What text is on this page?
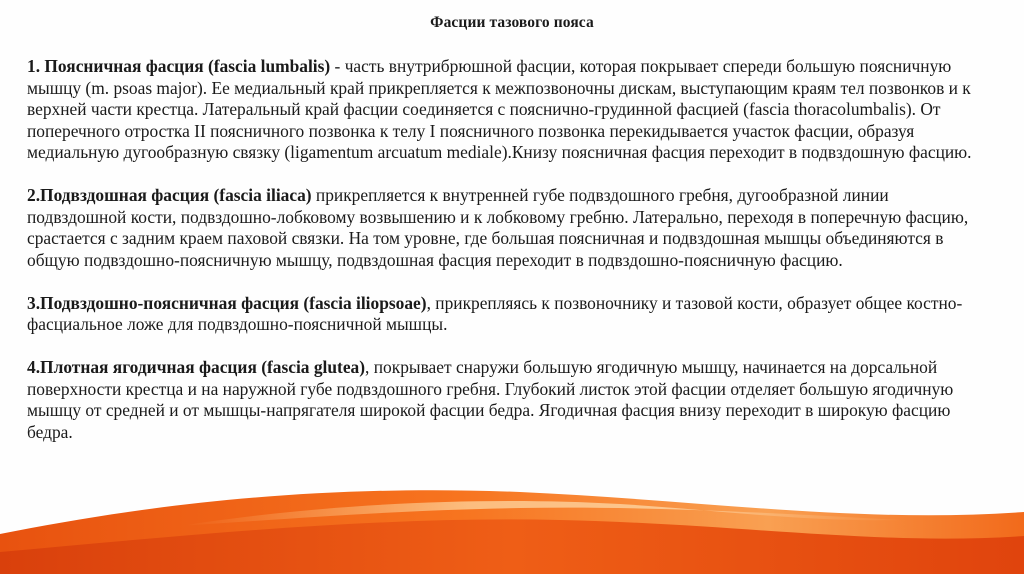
Фасции тазового пояса

1. Поясничная фасция (fascia lumbalis) - часть внутрибрюшной фасции, которая покрывает спереди большую поясничную мышцу (m. psoas major). Ее медиальный край прикрепляется к межпозвоночны дискам, выступающим краям тел позвонков и к верхней части крестца. Латеральный край фасции соединяется с пояснично-грудинной фасцией (fascia thoracolumbalis). От поперечного отростка II поясничного позвонка к телу I поясничного позвонка перекидывается участок фасции, образуя медиальную дугообразную связку (ligamentum arcuatum mediale).Книзу поясничная фасция переходит в подвздошную фасцию.

2.Подвздошная фасция (fascia iliaca) прикрепляется к внутренней губе подвздошного гребня, дугообразной линии подвздошной кости, подвздошно-лобковому возвышению и к лобковому гребню. Латерально, переходя в поперечную фасцию, срастается с задним краем паховой связки. На том уровне, где большая поясничная и подвздошная мышцы объединяются в общую подвздошно-поясничную мышцу, подвздошная фасция переходит в подвздошно-поясничную фасцию.

3.Подвздошно-поясничная фасция (fascia iliopsoae), прикрепляясь к позвоночнику и тазовой кости, образует общее костно-фасциальное ложе для подвздошно-поясничной мышцы.

4.Плотная ягодичная фасция (fascia glutea), покрывает снаружи большую ягодичную мышцу, начинается на дорсальной поверхности крестца и на наружной губе подвздошного гребня. Глубокий листок этой фасции отделяет большую ягодичную мышцу от средней и от мышцы-напрягателя широкой фасции бедра. Ягодичная фасция внизу переходит в широкую фасцию бедра.
